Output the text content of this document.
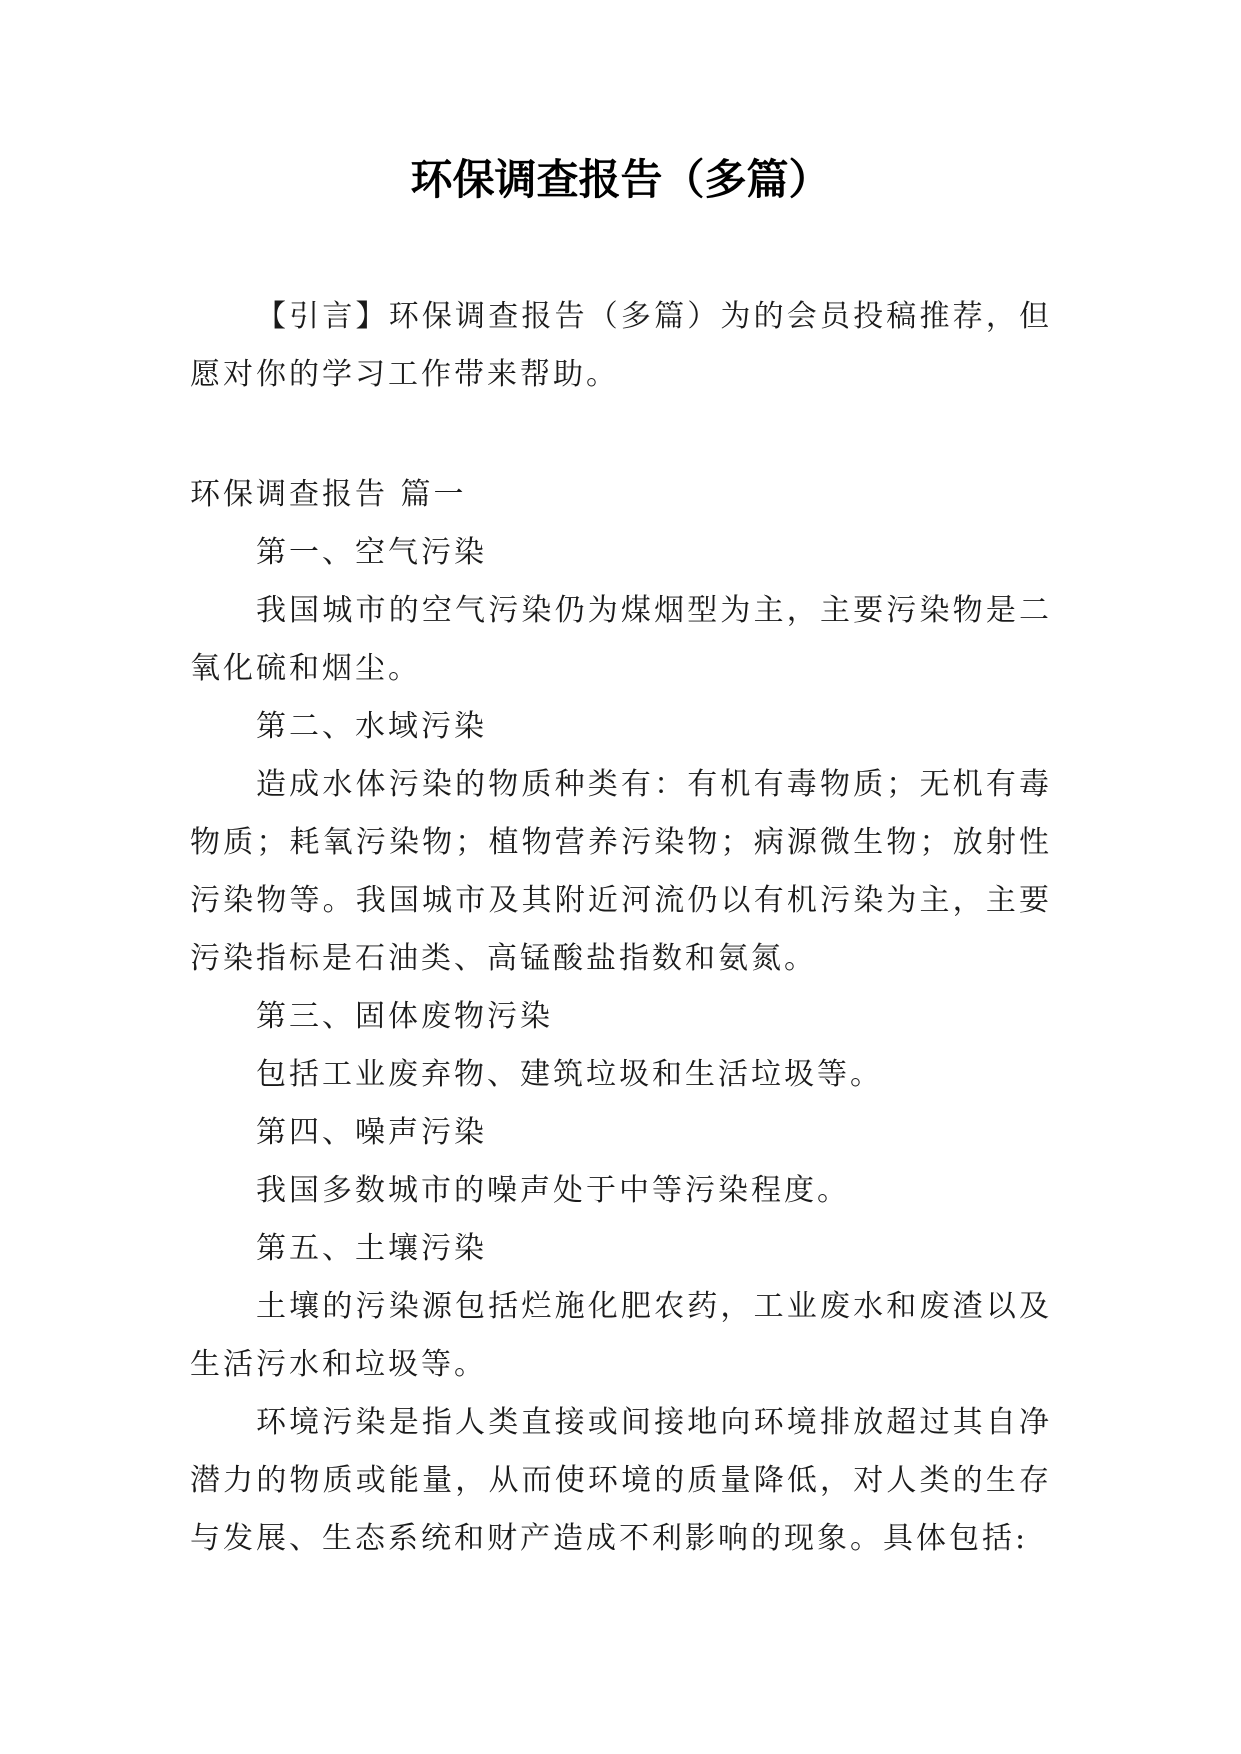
环保调查报告（多篇）

【引言】环保调查报告（多篇）为的会员投稿推荐，但愿对你的学习工作带来帮助。

环保调查报告 篇一

第一、空气污染

我国城市的空气污染仍为煤烟型为主，主要污染物是二氧化硫和烟尘。

第二、水域污染

造成水体污染的物质种类有：有机有毒物质；无机有毒物质；耗氧污染物；植物营养污染物；病源微生物；放射性污染物等。我国城市及其附近河流仍以有机污染为主，主要污染指标是石油类、高锰酸盐指数和氨氮。

第三、固体废物污染

包括工业废弃物、建筑垃圾和生活垃圾等。

第四、噪声污染

我国多数城市的噪声处于中等污染程度。

第五、土壤污染

土壤的污染源包括烂施化肥农药，工业废水和废渣以及生活污水和垃圾等。

环境污染是指人类直接或间接地向环境排放超过其自净潜力的物质或能量，从而使环境的质量降低，对人类的生存与发展、生态系统和财产造成不利影响的现象。具体包括:
